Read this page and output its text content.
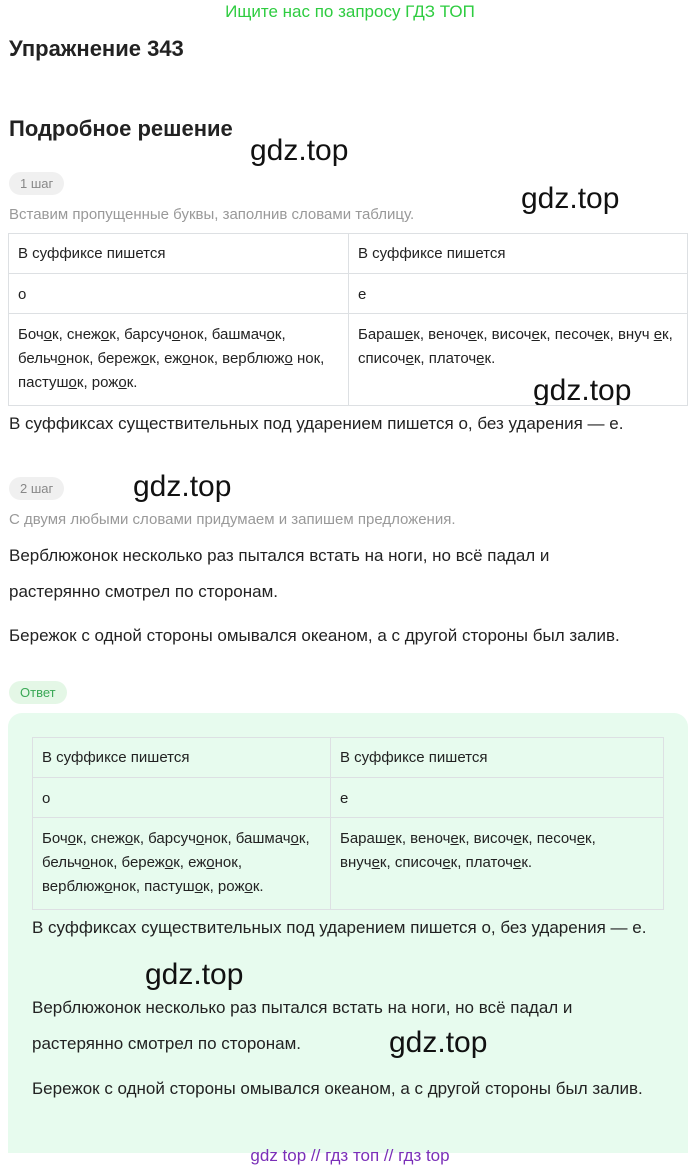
Ищите нас по запросу ГДЗ ТОП
Упражнение 343
Подробное решение
gdz.top
gdz.top
gdz.top
gdz.top
1 шаг
Вставим пропущенные буквы, заполнив словами таблицу.
В суффиксе пишется	В суффиксе пишется
о	е
Бочок, снежок, барсучонок, башмачок, бельчонок, бережок, ежонок, верблюжо нок, пастушок, рожок.	Барашек, веночек, височек, песочек, внуч ек, списочек, платочек.
В суффиксах существительных под ударением пишется о, без ударения — е.
2 шаг
С двумя любыми словами придумаем и запишем предложения.
Верблюжонок несколько раз пытался встать на ноги, но всё падал и растерянно смотрел по сторонам.
Бережок с одной стороны омывался океаном, а с другой стороны был залив.
Ответ
В суффиксе пишется	В суффиксе пишется
о	е
Бочок, снежок, барсучонок, башмачок,
бельчонок, бережок, ежонок,
верблюжонок, пастушок, рожок.	Барашек, веночек, височек, песочек,
внучек, списочек, платочек.
В суффиксах существительных под ударением пишется о, без ударения — е.
Верблюжонок несколько раз пытался встать на ноги, но всё падал и растерянно смотрел по сторонам.
Бережок с одной стороны омывался океаном, а с другой стороны был залив.
gdz.top
gdz.top
gdz top // гдз топ // гдз top
